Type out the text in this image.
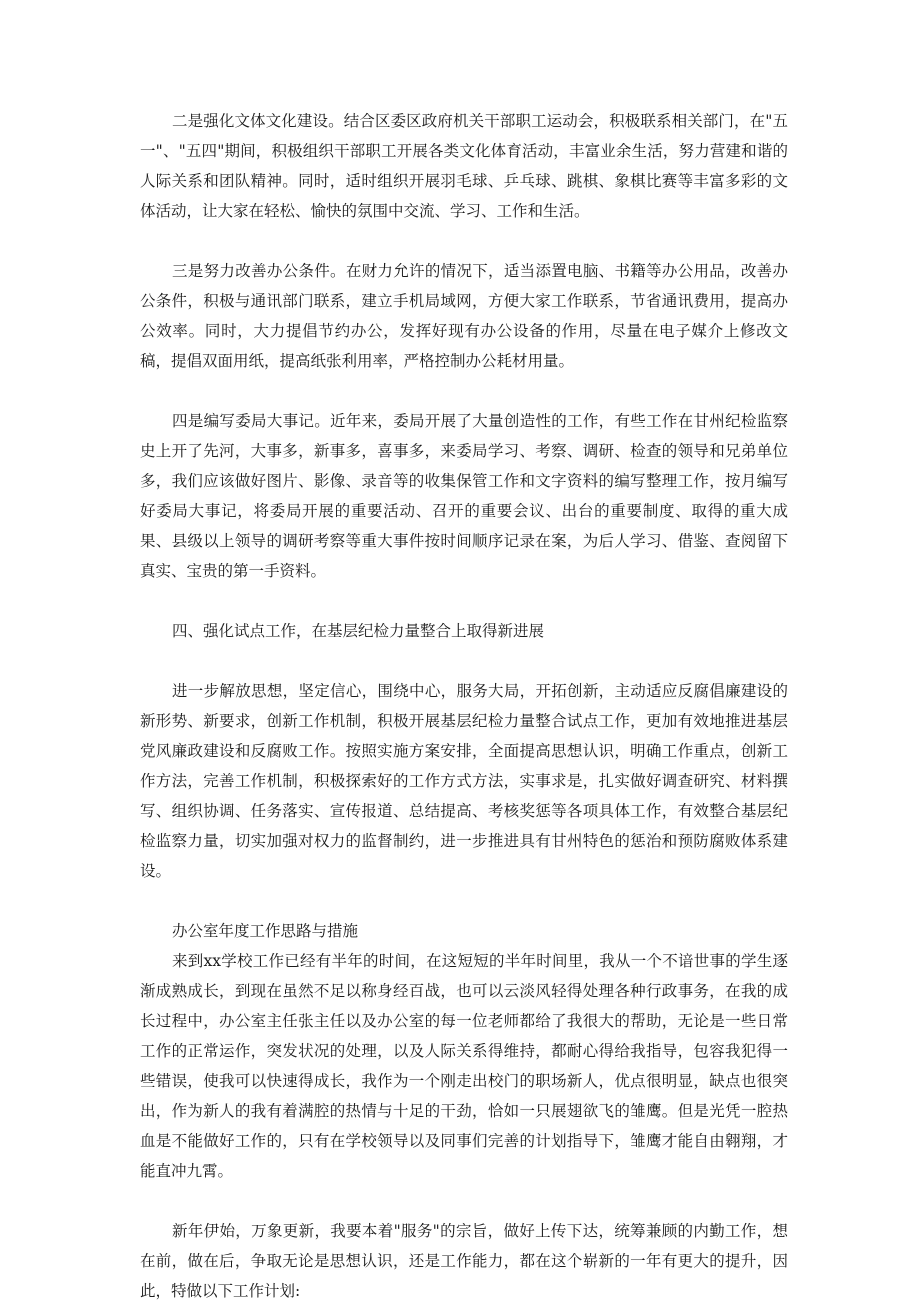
二是强化文体文化建设。结合区委区政府机关干部职工运动会，积极联系相关部门，在"五一"、"五四"期间，积极组织干部职工开展各类文化体育活动，丰富业余生活，努力营建和谐的人际关系和团队精神。同时，适时组织开展羽毛球、乒乓球、跳棋、象棋比赛等丰富多彩的文体活动，让大家在轻松、愉快的氛围中交流、学习、工作和生活。

三是努力改善办公条件。在财力允许的情况下，适当添置电脑、书籍等办公用品，改善办公条件，积极与通讯部门联系，建立手机局域网，方便大家工作联系，节省通讯费用，提高办公效率。同时，大力提倡节约办公，发挥好现有办公设备的作用，尽量在电子媒介上修改文稿，提倡双面用纸，提高纸张利用率，严格控制办公耗材用量。

四是编写委局大事记。近年来，委局开展了大量创造性的工作，有些工作在甘州纪检监察史上开了先河，大事多，新事多，喜事多，来委局学习、考察、调研、检查的领导和兄弟单位多，我们应该做好图片、影像、录音等的收集保管工作和文字资料的编写整理工作，按月编写好委局大事记，将委局开展的重要活动、召开的重要会议、出台的重要制度、取得的重大成果、县级以上领导的调研考察等重大事件按时间顺序记录在案，为后人学习、借鉴、查阅留下真实、宝贵的第一手资料。

四、强化试点工作，在基层纪检力量整合上取得新进展

进一步解放思想，坚定信心，围绕中心，服务大局，开拓创新，主动适应反腐倡廉建设的新形势、新要求，创新工作机制，积极开展基层纪检力量整合试点工作，更加有效地推进基层党风廉政建设和反腐败工作。按照实施方案安排，全面提高思想认识，明确工作重点，创新工作方法，完善工作机制，积极探索好的工作方式方法，实事求是，扎实做好调查研究、材料撰写、组织协调、任务落实、宣传报道、总结提高、考核奖惩等各项具体工作，有效整合基层纪检监察力量，切实加强对权力的监督制约，进一步推进具有甘州特色的惩治和预防腐败体系建设。

办公室年度工作思路与措施

来到xx学校工作已经有半年的时间，在这短短的半年时间里，我从一个不谙世事的学生逐渐成熟成长，到现在虽然不足以称身经百战，也可以云淡风轻得处理各种行政事务，在我的成长过程中，办公室主任张主任以及办公室的每一位老师都给了我很大的帮助，无论是一些日常工作的正常运作，突发状况的处理，以及人际关系得维持，都耐心得给我指导，包容我犯得一些错误，使我可以快速得成长，我作为一个刚走出校门的职场新人，优点很明显，缺点也很突出，作为新人的我有着满腔的热情与十足的干劲，恰如一只展翅欲飞的雏鹰。但是光凭一腔热血是不能做好工作的，只有在学校领导以及同事们完善的计划指导下，雏鹰才能自由翱翔，才能直冲九霄。

新年伊始，万象更新，我要本着"服务"的宗旨，做好上传下达，统筹兼顾的内勤工作，想在前，做在后，争取无论是思想认识，还是工作能力，都在这个崭新的一年有更大的提升，因此，特做以下工作计划:
